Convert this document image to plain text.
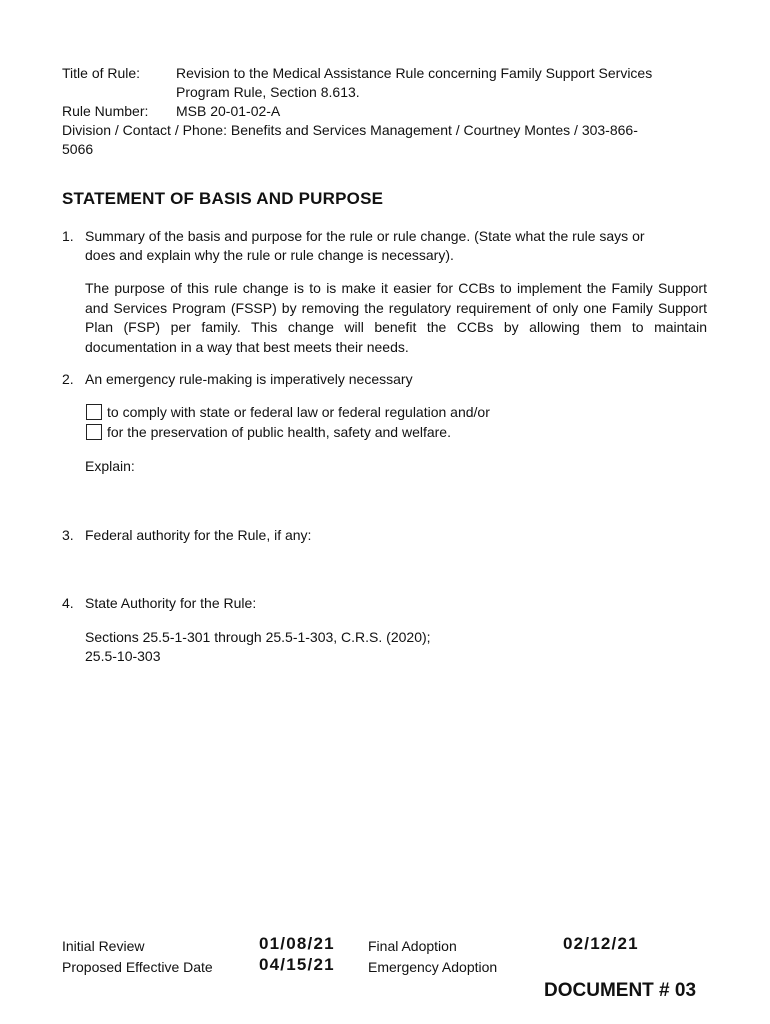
Title of Rule:	Revision to the Medical Assistance Rule concerning Family Support Services
Program Rule, Section 8.613.
Rule Number: MSB 20-01-02-A
Division / Contact / Phone: Benefits and Services Management / Courtney Montes / 303-866-
5066
STATEMENT OF BASIS AND PURPOSE
1. Summary of the basis and purpose for the rule or rule change. (State what the rule says or
does and explain why the rule or rule change is necessary).
The purpose of this rule change is to is make it easier for CCBs to implement the Family Support and Services Program (FSSP) by removing the regulatory requirement of only one Family Support Plan (FSP) per family. This change will benefit the CCBs by allowing them to maintain documentation in a way that best meets their needs.
2. An emergency rule-making is imperatively necessary
to comply with state or federal law or federal regulation and/or
for the preservation of public health, safety and welfare.
Explain:
3. Federal authority for the Rule, if any:
4. State Authority for the Rule:
Sections 25.5-1-301 through 25.5-1-303, C.R.S. (2020);
25.5-10-303
Initial Review	01/08/21 Final Adoption	02/12/21
Proposed Effective Date	04/15/21 Emergency Adoption
DOCUMENT # 03
